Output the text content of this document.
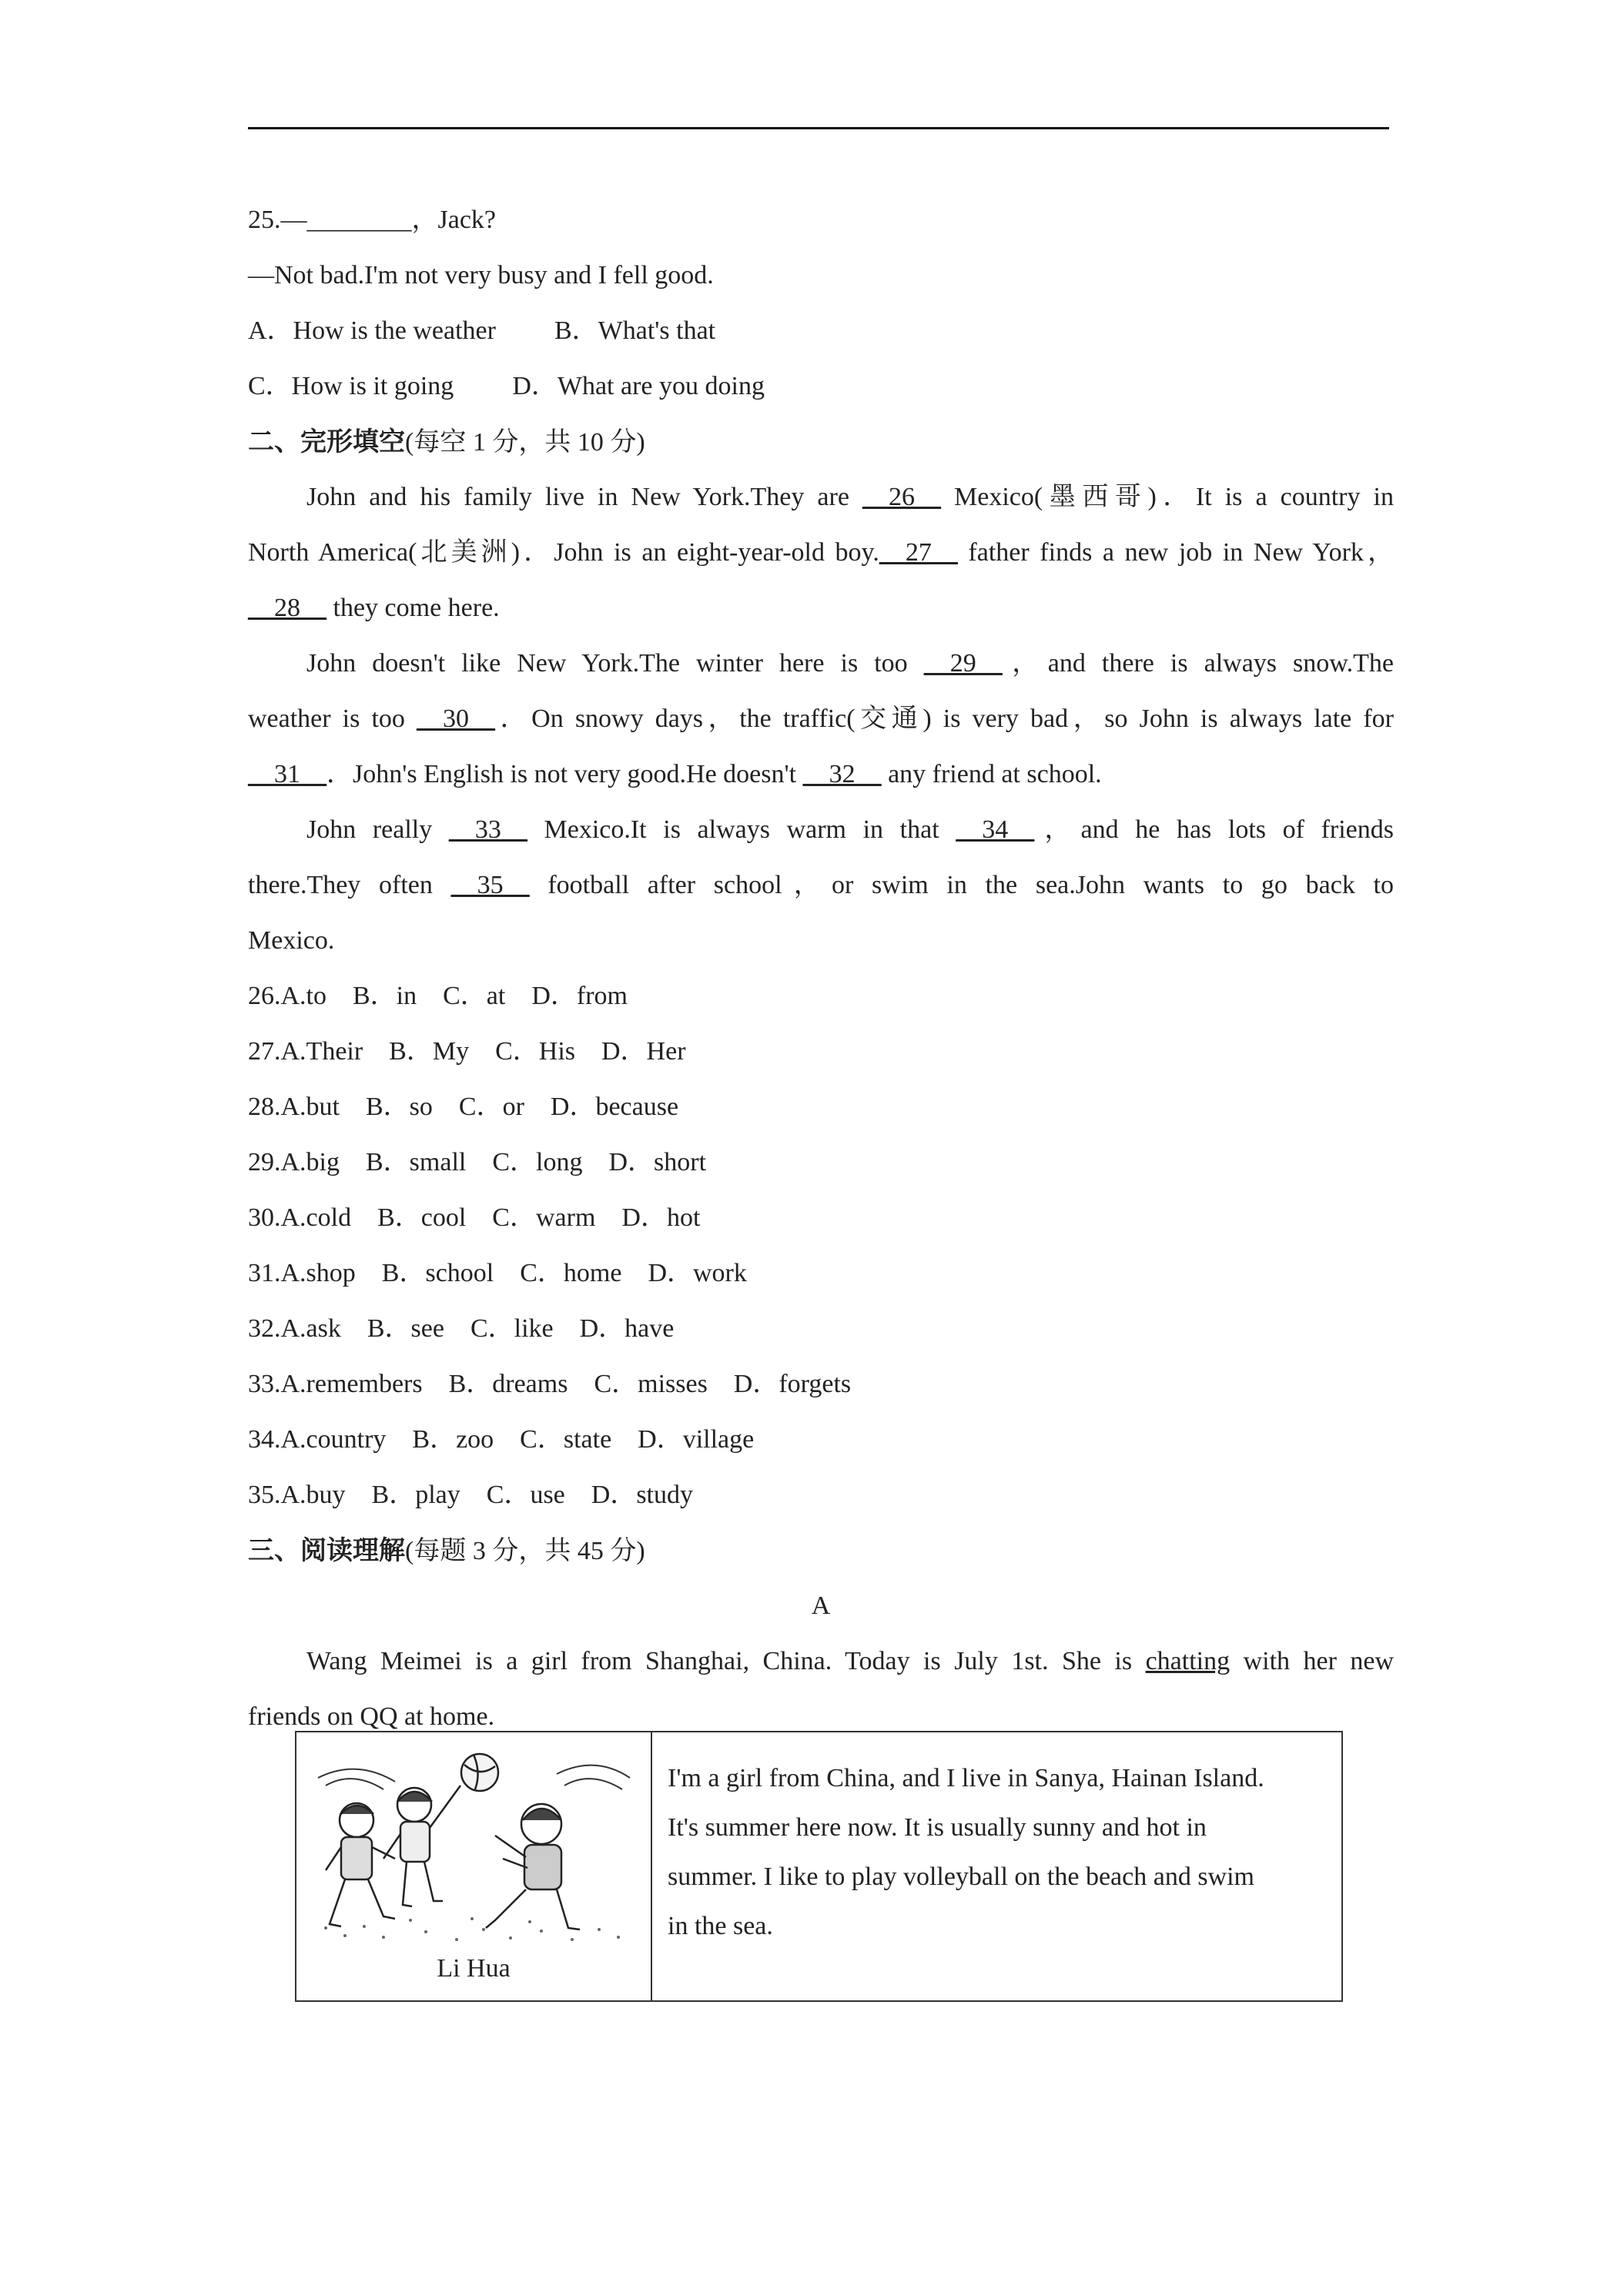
25.—________，Jack?
—Not bad.I'm not very busy and I fell good.
A．How is the weather B．What's that
C．How is it going D．What are you doing
二、完形填空(每空 1 分，共 10 分)
John and his family live in New York.They are __26__ Mexico(墨西哥)．It is a country in
North America(北美洲)．John is an eight-year-old boy.__27__ father finds a new job in New York，
__28__ they come here.
John doesn't like New York.The winter here is too __29__，and there is always snow.The
weather is too __30__．On snowy days，the traffic(交通) is very bad，so John is always late for
__31__．John's English is not very good.He doesn't __32__ any friend at school.
John really __33__ Mexico.It is always warm in that __34__，and he has lots of friends
there.They often __35__ football after school，or swim in the sea.John wants to go back to
Mexico.
26.A.to　B．in　C．at　D．from
27.A.Their　B．My　C．His　D．Her
28.A.but　B．so　C．or　D．because
29.A.big　B．small　C．long　D．short
30.A.cold　B．cool　C．warm　D．hot
31.A.shop　B．school　C．home　D．work
32.A.ask　B．see　C．like　D．have
33.A.remembers　B．dreams　C．misses　D．forgets
34.A.country　B．zoo　C．state　D．village
35.A.buy　B．play　C．use　D．study
三、阅读理解(每题 3 分，共 45 分)
A
Wang Meimei is a girl from Shanghai, China. Today is July 1st. She is chatting with her new
friends on QQ at home.
Li Hua
I'm a girl from China, and I live in Sanya, Hainan Island.
It's summer here now. It is usually sunny and hot in
summer. I like to play volleyball on the beach and swim
in the sea.
